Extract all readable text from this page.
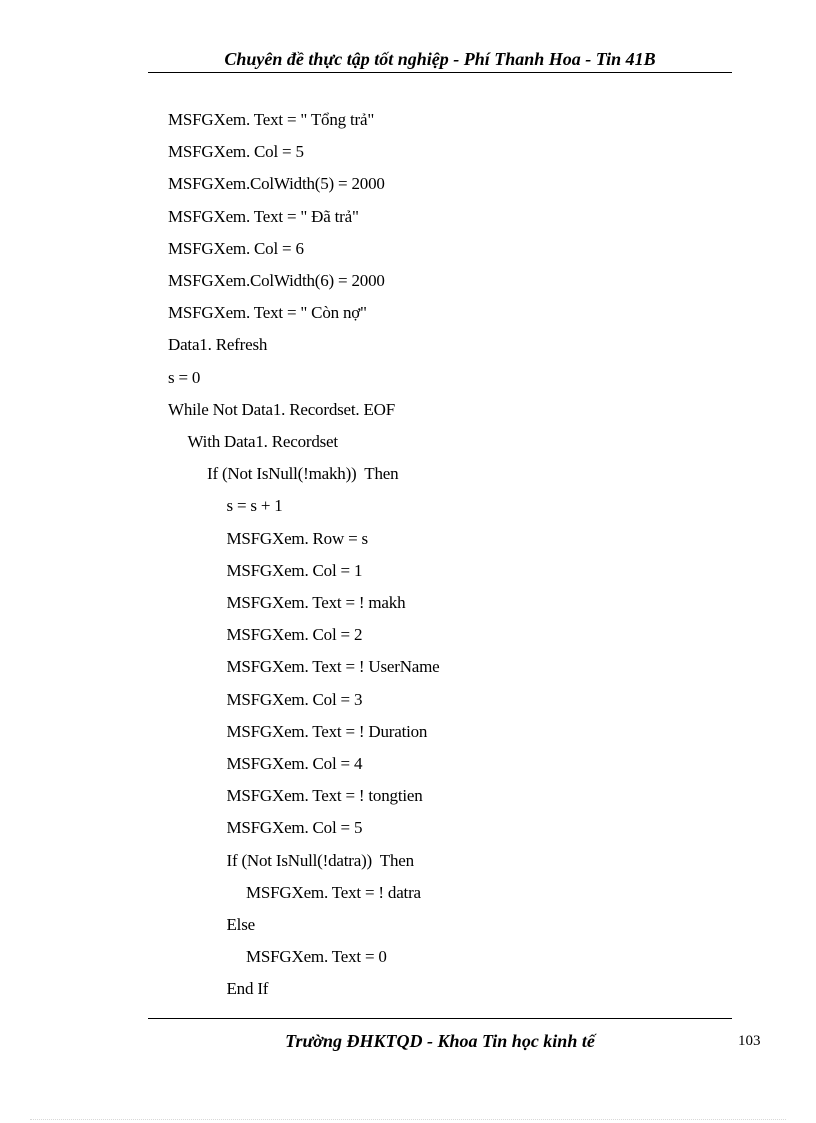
Chuyên đề thực tập tốt nghiệp - Phí Thanh Hoa - Tin 41B
MSFGXem. Text = " Tổng trả"
MSFGXem. Col = 5
MSFGXem.ColWidth(5) = 2000
MSFGXem. Text = " Đã trả"
MSFGXem. Col = 6
MSFGXem.ColWidth(6) = 2000
MSFGXem. Text = " Còn nợ"
Data1. Refresh
s = 0
While Not Data1. Recordset. EOF
With Data1. Recordset
If (Not IsNull(!makh))  Then
s = s + 1
MSFGXem. Row = s
MSFGXem. Col = 1
MSFGXem. Text = ! makh
MSFGXem. Col = 2
MSFGXem. Text = ! UserName
MSFGXem. Col = 3
MSFGXem. Text = ! Duration
MSFGXem. Col = 4
MSFGXem. Text = ! tongtien
MSFGXem. Col = 5
If (Not IsNull(!datra))  Then
MSFGXem. Text = ! datra
Else
MSFGXem. Text = 0
End If
Trường ĐHKTQD - Khoa Tin học kinh tế	103
